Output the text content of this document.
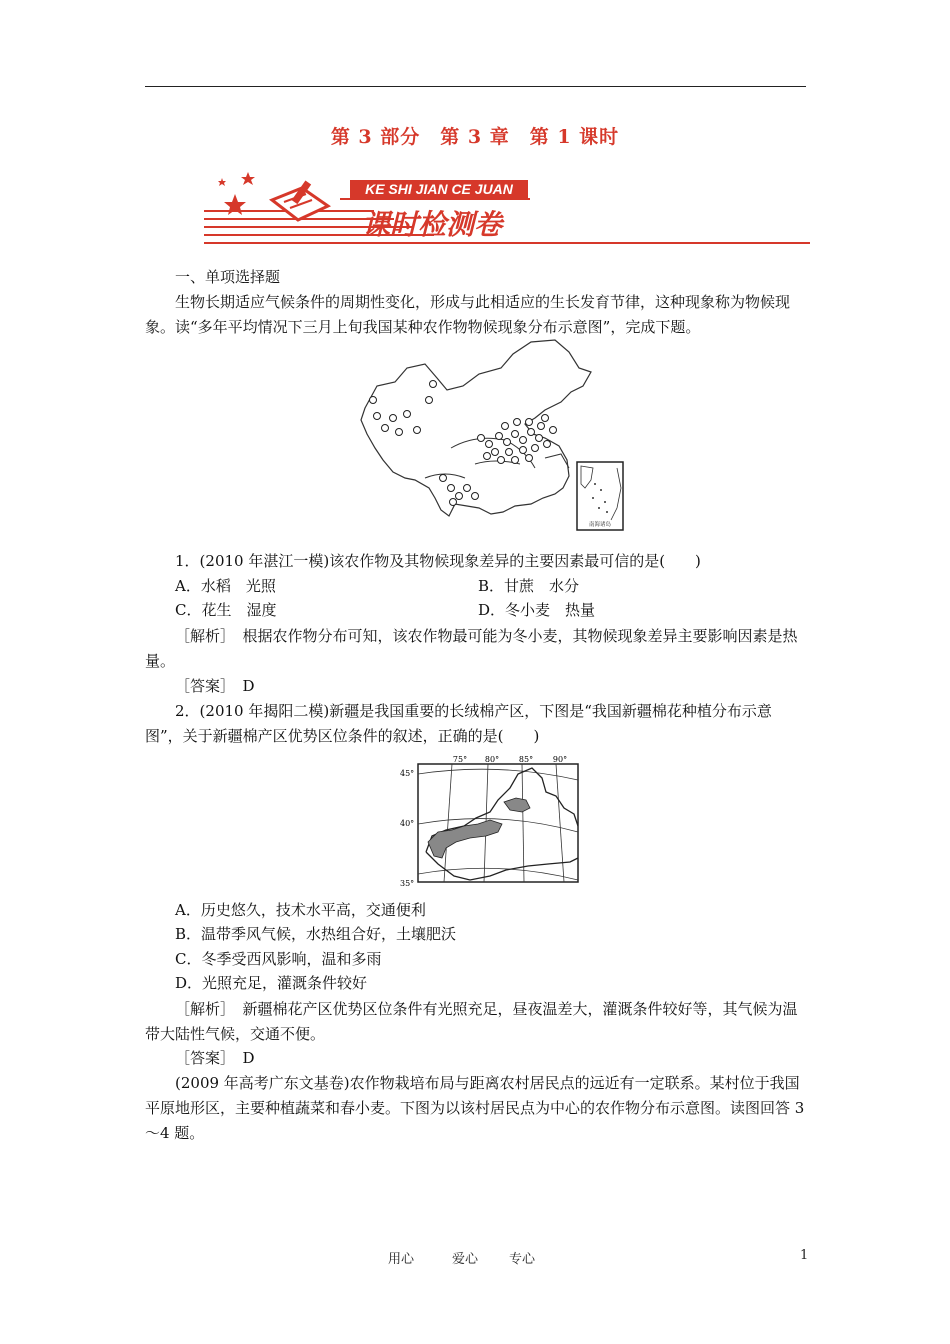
第 3 部分　第 3 章　第 1 课时
KE SHI JIAN CE JUAN
课时检测卷
一、单项选择题
生物长期适应气候条件的周期性变化，形成与此相适应的生长发育节律，这种现象称为物候现象。读“多年平均情况下三月上旬我国某种农作物物候现象分布示意图”，完成下题。
南海诸岛
1．(2010 年湛江一模)该农作物及其物候现象差异的主要因素最可信的是(　　)
A．水稻　光照	B．甘蔗　水分
C．花生　湿度	D．冬小麦　热量
［解析］　根据农作物分布可知，该农作物最可能为冬小麦，其物候现象差异主要影响因素是热量。
［答案］　D
2．(2010 年揭阳二模)新疆是我国重要的长绒棉产区，下图是“我国新疆棉花种植分布示意图”，关于新疆棉产区优势区位条件的叙述，正确的是(　　)
75° 80° 85° 90°
45°
40°
35°
A．历史悠久，技术水平高，交通便利
B．温带季风气候，水热组合好，土壤肥沃
C．冬季受西风影响，温和多雨
D．光照充足，灌溉条件较好
［解析］　新疆棉花产区优势区位条件有光照充足，昼夜温差大，灌溉条件较好等，其气候为温带大陆性气候，交通不便。
［答案］　D
(2009 年高考广东文基卷)农作物栽培布局与距离农村居民点的远近有一定联系。某村位于我国平原地形区，主要种植蔬菜和春小麦。下图为以该村居民点为中心的农作物分布示意图。读图回答 3～4 题。
用心	爱心 专心	1
